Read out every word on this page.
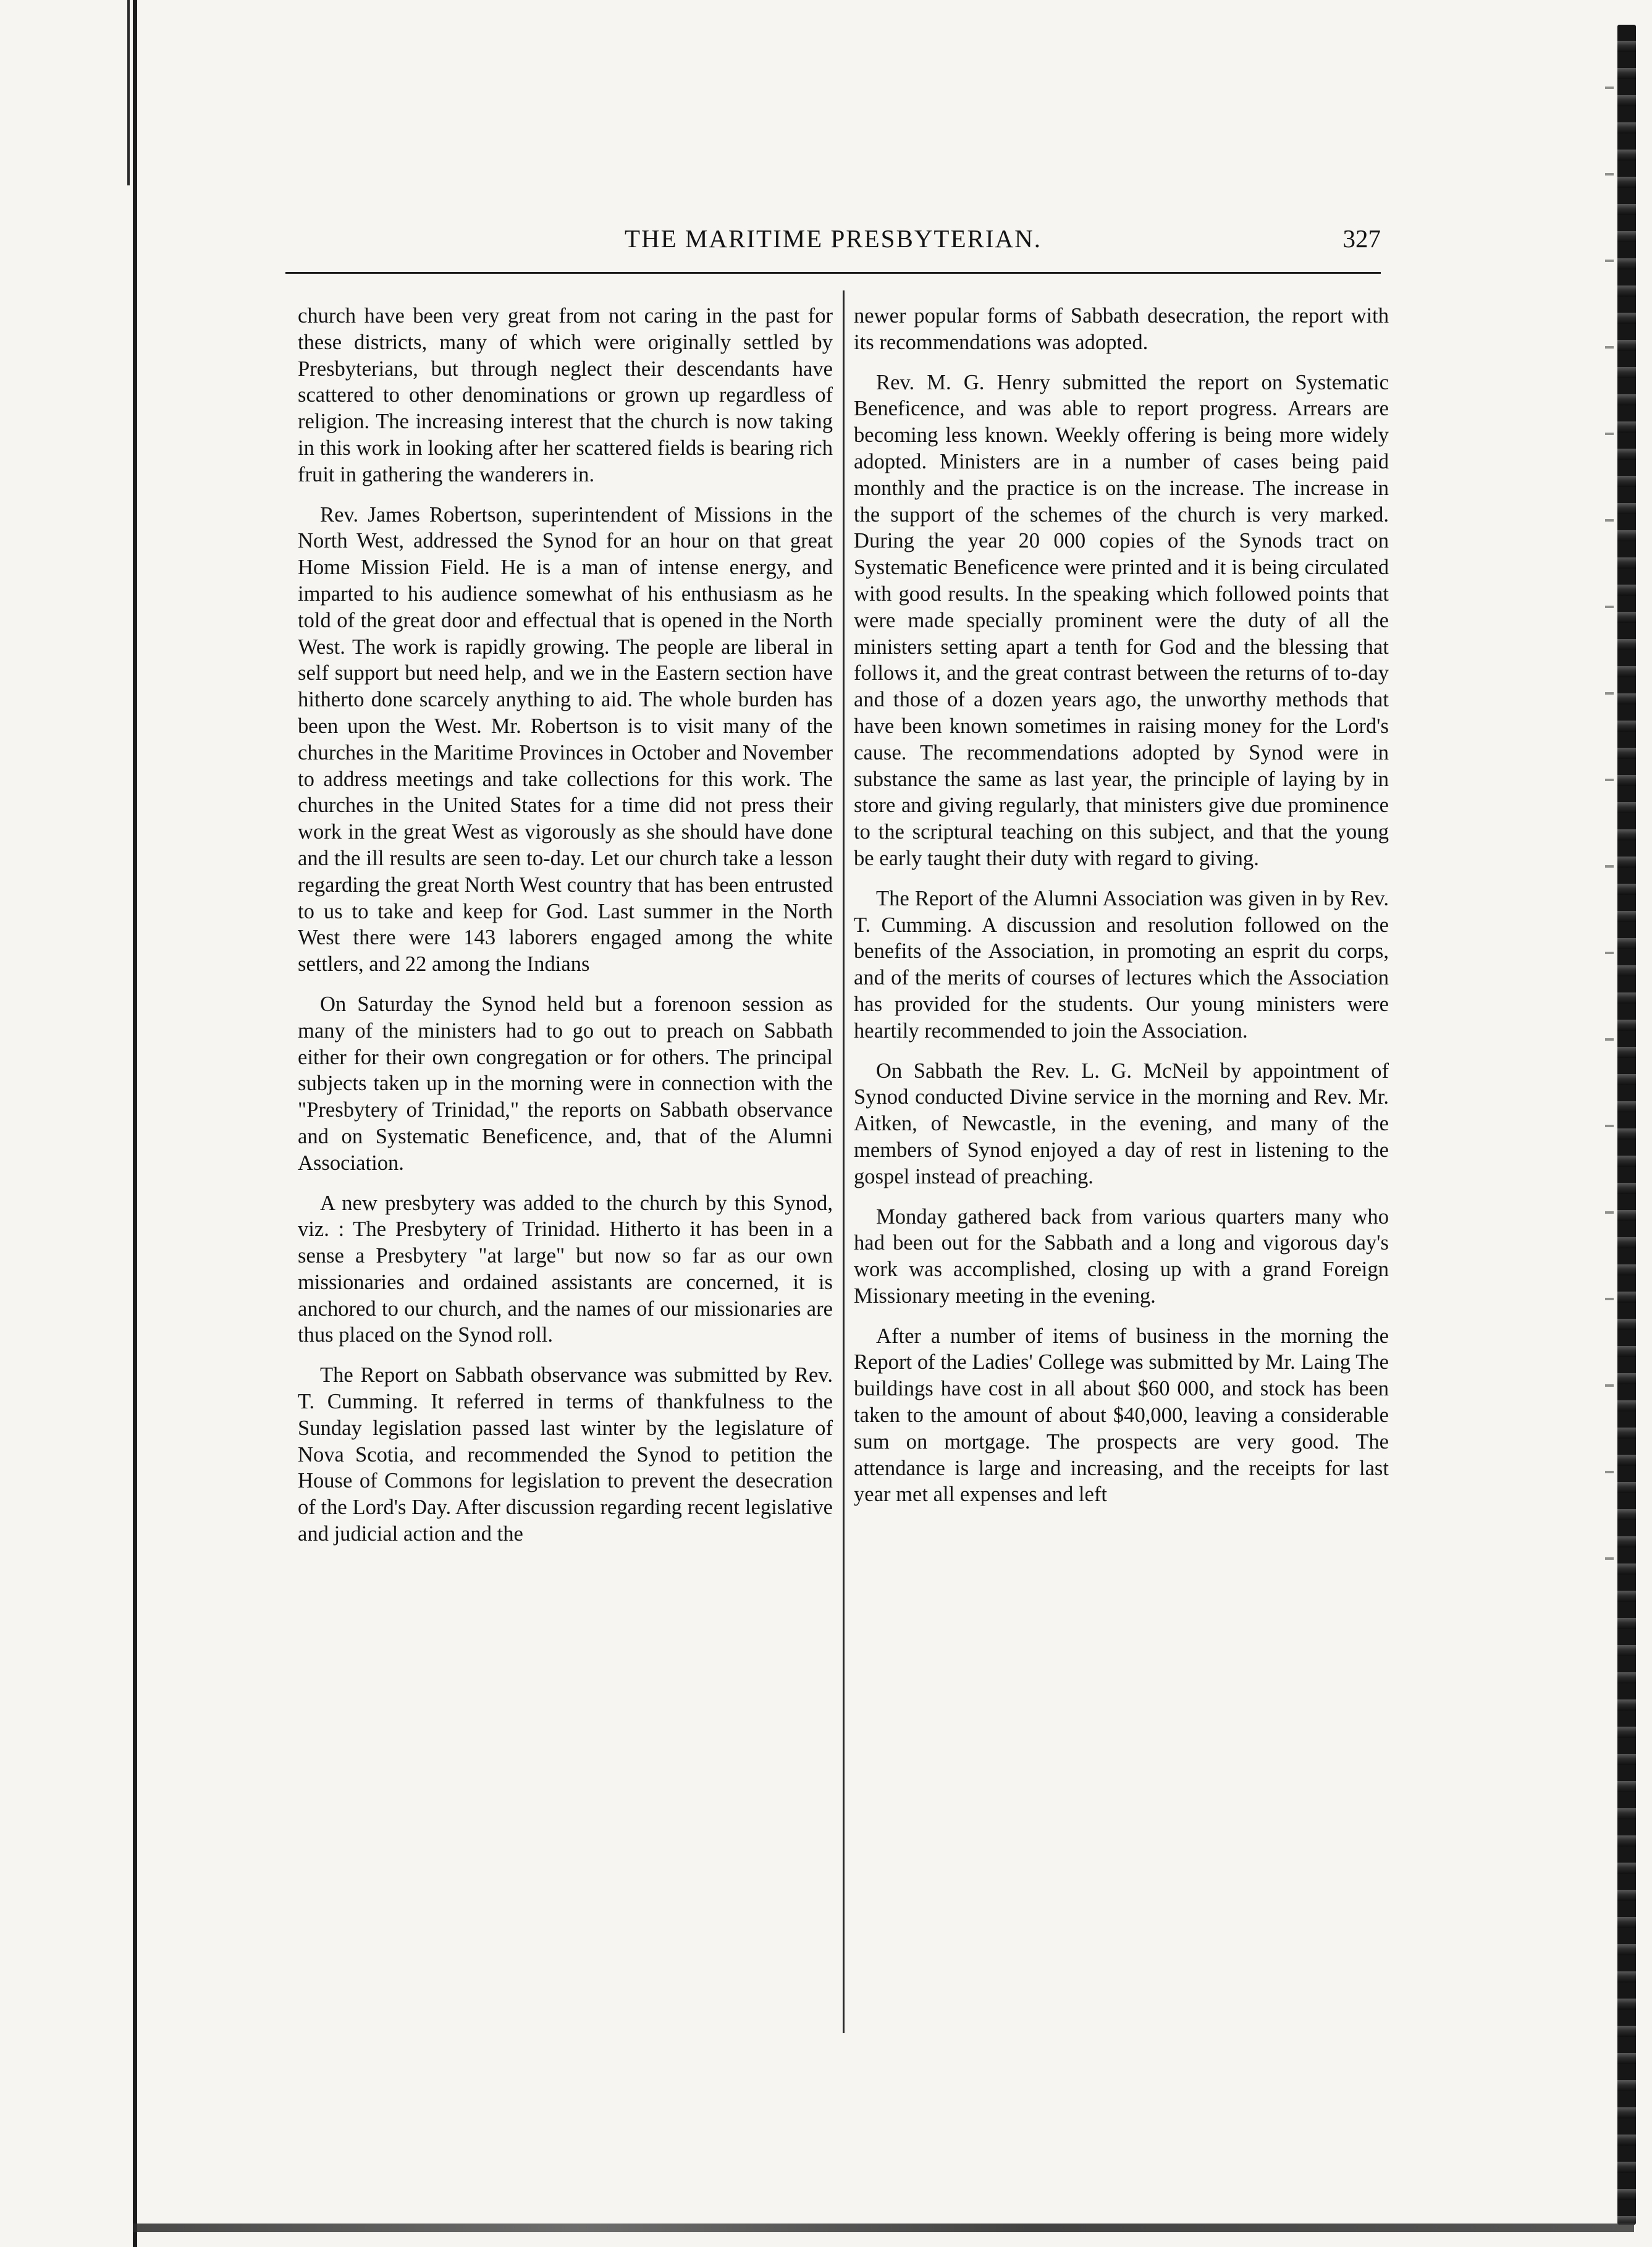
THE MARITIME PRESBYTERIAN.	327

church have been very great from not caring in the past for these districts, many of which were originally settled by Presbyterians, but through neglect their descendants have scattered to other denominations or grown up regardless of religion. The increasing interest that the church is now taking in this work in looking after her scattered fields is bearing rich fruit in gathering the wanderers in.

Rev. James Robertson, superintendent of Missions in the North West, addressed the Synod for an hour on that great Home Mission Field. He is a man of intense energy, and imparted to his audience somewhat of his enthusiasm as he told of the great door and effectual that is opened in the North West. The work is rapidly growing. The people are liberal in self support but need help, and we in the Eastern section have hitherto done scarcely anything to aid. The whole burden has been upon the West. Mr. Robertson is to visit many of the churches in the Maritime Provinces in October and November to address meetings and take collections for this work. The churches in the United States for a time did not press their work in the great West as vigorously as she should have done and the ill results are seen to-day. Let our church take a lesson regarding the great North West country that has been entrusted to us to take and keep for God. Last summer in the North West there were 143 laborers engaged among the white settlers, and 22 among the Indians

On Saturday the Synod held but a forenoon session as many of the ministers had to go out to preach on Sabbath either for their own congregation or for others. The principal subjects taken up in the morning were in connection with the "Presbytery of Trinidad," the reports on Sabbath observance and on Systematic Beneficence, and, that of the Alumni Association.

A new presbytery was added to the church by this Synod, viz. : The Presbytery of Trinidad. Hitherto it has been in a sense a Presbytery "at large" but now so far as our own missionaries and ordained assistants are concerned, it is anchored to our church, and the names of our missionaries are thus placed on the Synod roll.

The Report on Sabbath observance was submitted by Rev. T. Cumming. It referred in terms of thankfulness to the Sunday legislation passed last winter by the legislature of Nova Scotia, and recommended the Synod to petition the House of Commons for legislation to prevent the desecration of the Lord's Day. After discussion regarding recent legislative and judicial action and the

newer popular forms of Sabbath desecration, the report with its recommendations was adopted.

Rev. M. G. Henry submitted the report on Systematic Beneficence, and was able to report progress. Arrears are becoming less known. Weekly offering is being more widely adopted. Ministers are in a number of cases being paid monthly and the practice is on the increase. The increase in the support of the schemes of the church is very marked. During the year 20 000 copies of the Synods tract on Systematic Beneficence were printed and it is being circulated with good results. In the speaking which followed points that were made specially prominent were the duty of all the ministers setting apart a tenth for God and the blessing that follows it, and the great contrast between the returns of to-day and those of a dozen years ago, the unworthy methods that have been known sometimes in raising money for the Lord's cause. The recommendations adopted by Synod were in substance the same as last year, the principle of laying by in store and giving regularly, that ministers give due prominence to the scriptural teaching on this subject, and that the young be early taught their duty with regard to giving.

The Report of the Alumni Association was given in by Rev. T. Cumming. A discussion and resolution followed on the benefits of the Association, in promoting an esprit du corps, and of the merits of courses of lectures which the Association has provided for the students. Our young ministers were heartily recommended to join the Association.

On Sabbath the Rev. L. G. McNeil by appointment of Synod conducted Divine service in the morning and Rev. Mr. Aitken, of Newcastle, in the evening, and many of the members of Synod enjoyed a day of rest in listening to the gospel instead of preaching.

Monday gathered back from various quarters many who had been out for the Sabbath and a long and vigorous day's work was accomplished, closing up with a grand Foreign Missionary meeting in the evening.

After a number of items of business in the morning the Report of the Ladies' College was submitted by Mr. Laing The buildings have cost in all about $60 000, and stock has been taken to the amount of about $40,000, leaving a considerable sum on mortgage. The prospects are very good. The attendance is large and increasing, and the receipts for last year met all expenses and left
